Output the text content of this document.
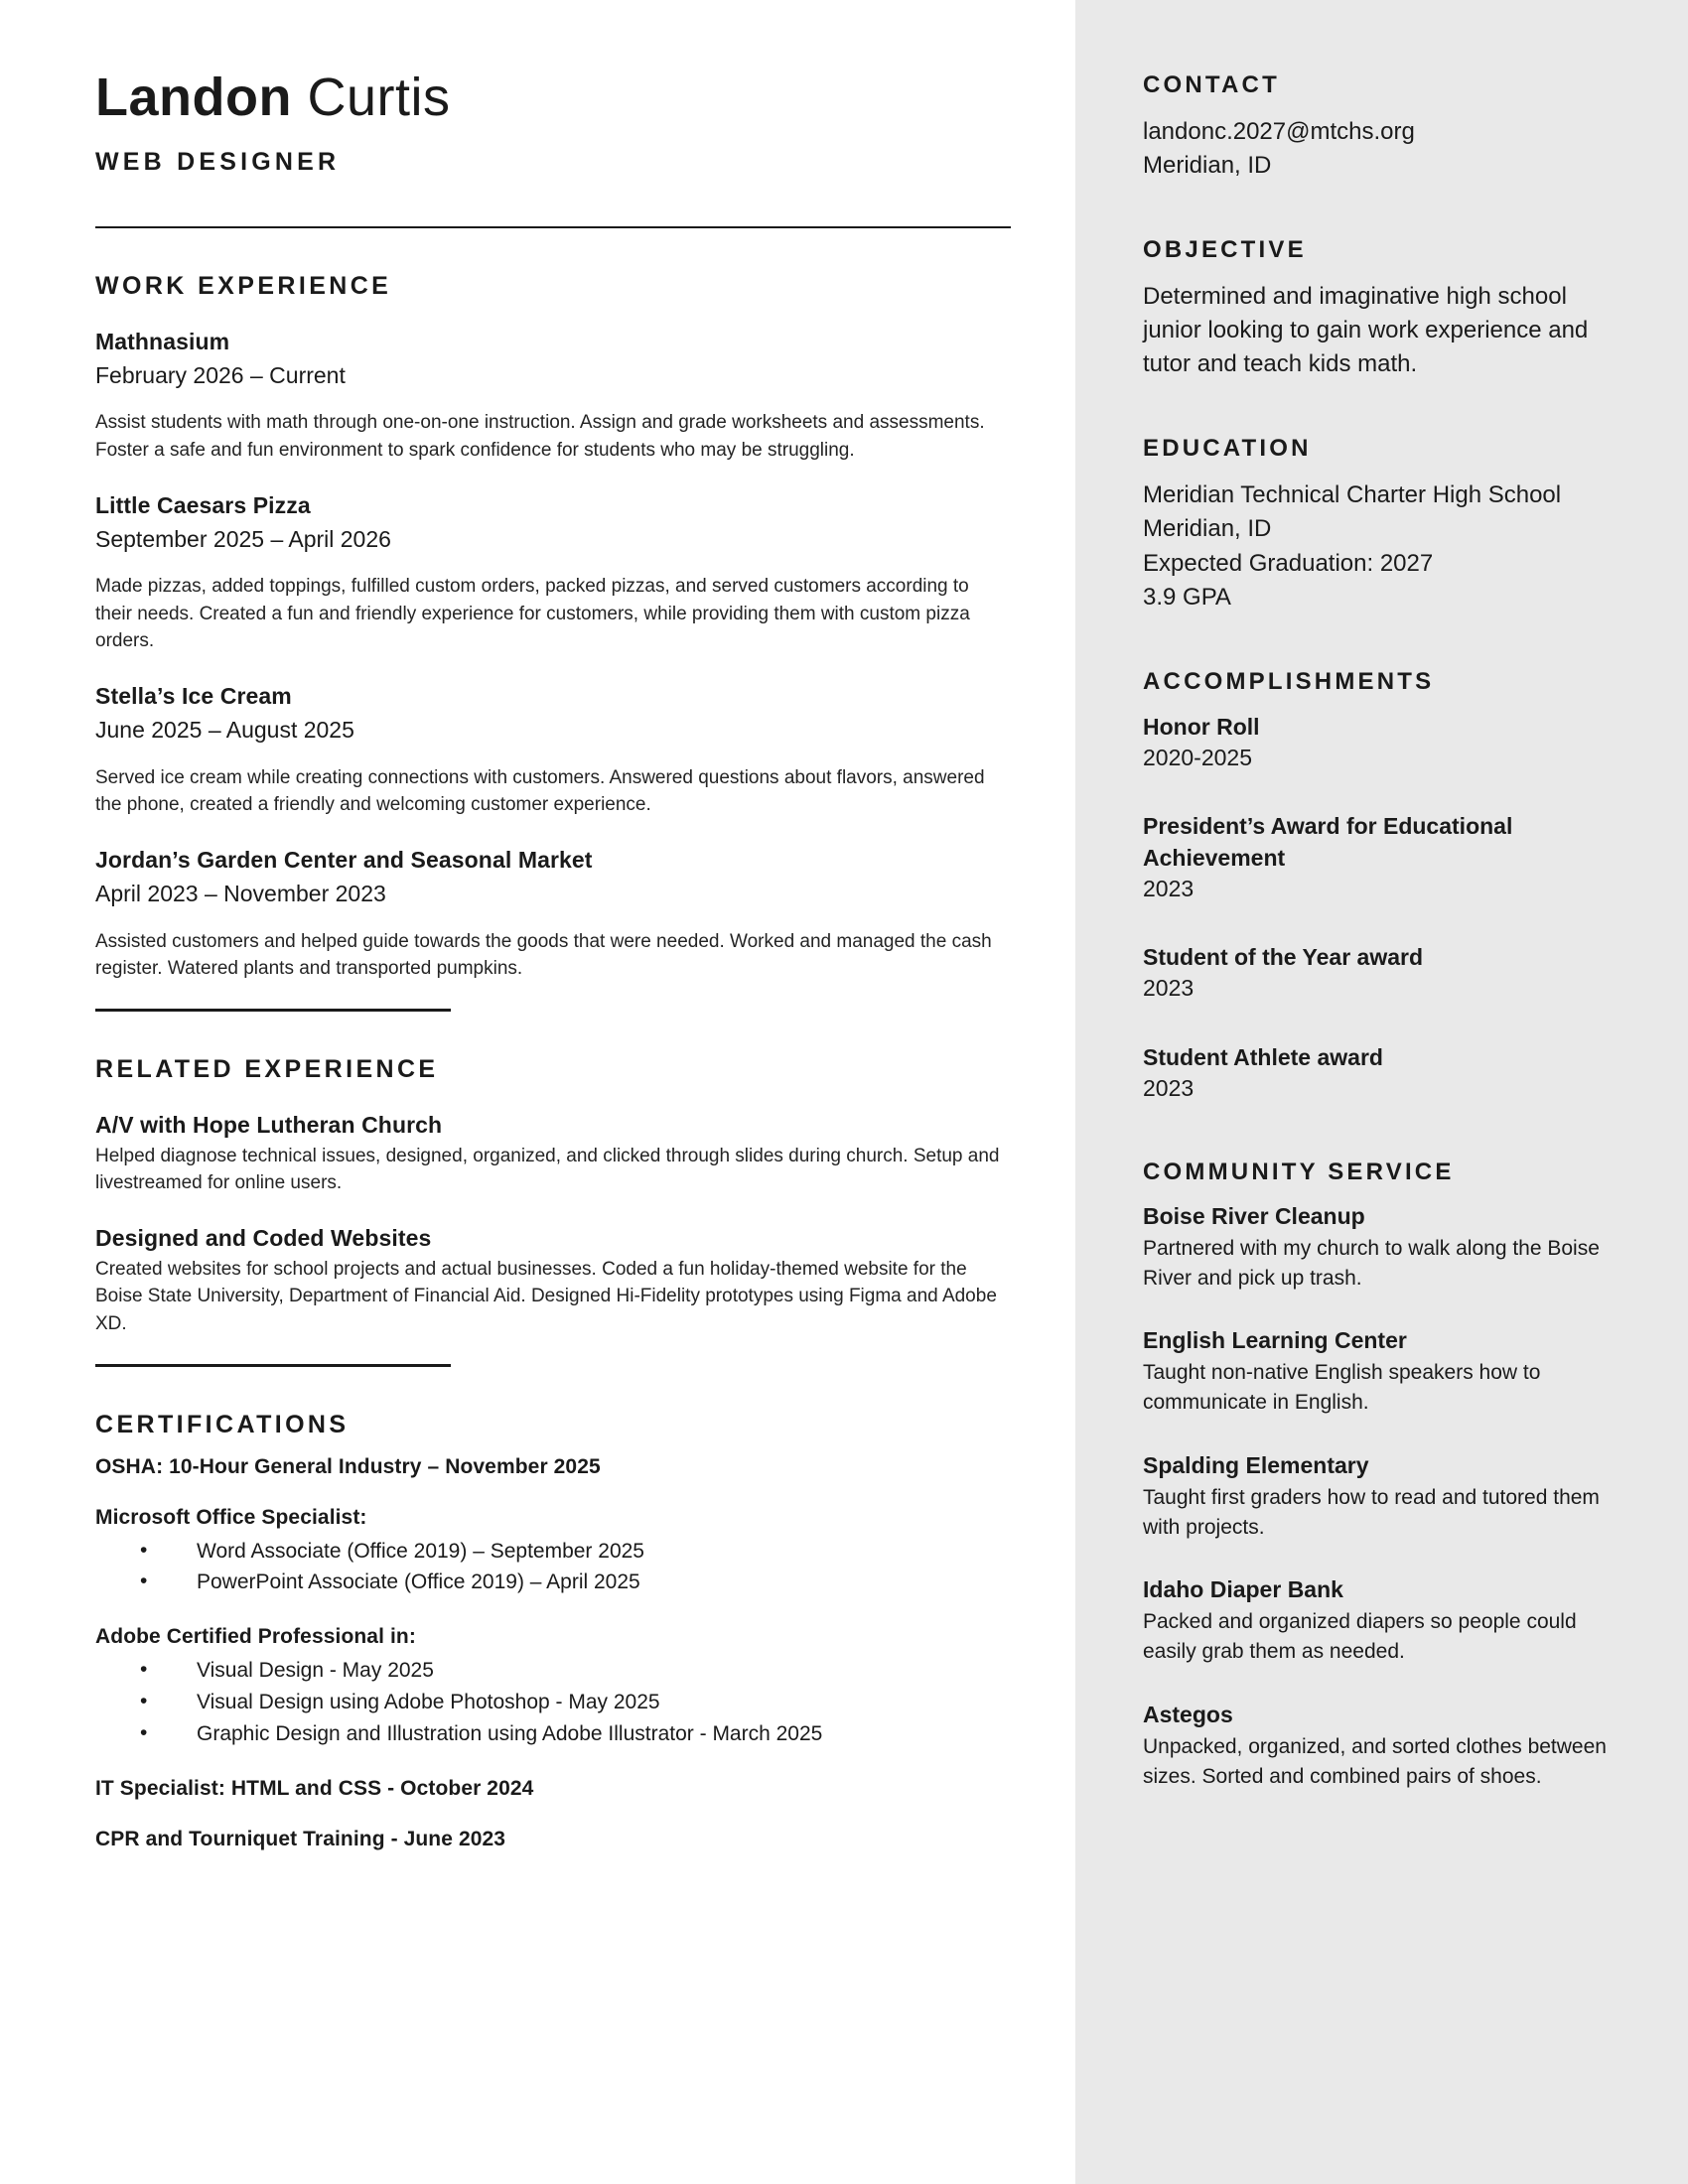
Landon Curtis
WEB DESIGNER
WORK EXPERIENCE
Mathnasium
February 2026 – Current
Assist students with math through one-on-one instruction. Assign and grade worksheets and assessments. Foster a safe and fun environment to spark confidence for students who may be struggling.
Little Caesars Pizza
September 2025 – April 2026
Made pizzas, added toppings, fulfilled custom orders, packed pizzas, and served customers according to their needs. Created a fun and friendly experience for customers, while providing them with custom pizza orders.
Stella’s Ice Cream
June 2025 – August 2025
Served ice cream while creating connections with customers. Answered questions about flavors, answered the phone, created a friendly and welcoming customer experience.
Jordan’s Garden Center and Seasonal Market
April 2023 – November 2023
Assisted customers and helped guide towards the goods that were needed. Worked and managed the cash register. Watered plants and transported pumpkins.
RELATED EXPERIENCE
A/V with Hope Lutheran Church
Helped diagnose technical issues, designed, organized, and clicked through slides during church. Setup and livestreamed for online users.
Designed and Coded Websites
Created websites for school projects and actual businesses. Coded a fun holiday-themed website for the Boise State University, Department of Financial Aid. Designed Hi-Fidelity prototypes using Figma and Adobe XD.
CERTIFICATIONS
OSHA: 10-Hour General Industry – November 2025
Microsoft Office Specialist:
• Word Associate (Office 2019) – September 2025
• PowerPoint Associate (Office 2019) – April 2025
Adobe Certified Professional in:
• Visual Design - May 2025
• Visual Design using Adobe Photoshop - May 2025
• Graphic Design and Illustration using Adobe Illustrator - March 2025
IT Specialist: HTML and CSS - October 2024
CPR and Tourniquet Training - June 2023
CONTACT
landonc.2027@mtchs.org
Meridian, ID
OBJECTIVE
Determined and imaginative high school junior looking to gain work experience and tutor and teach kids math.
EDUCATION
Meridian Technical Charter High School
Meridian, ID
Expected Graduation: 2027
3.9 GPA
ACCOMPLISHMENTS
Honor Roll
2020-2025
President’s Award for Educational Achievement
2023
Student of the Year award
2023
Student Athlete award
2023
COMMUNITY SERVICE
Boise River Cleanup
Partnered with my church to walk along the Boise River and pick up trash.
English Learning Center
Taught non-native English speakers how to communicate in English.
Spalding Elementary
Taught first graders how to read and tutored them with projects.
Idaho Diaper Bank
Packed and organized diapers so people could easily grab them as needed.
Astegos
Unpacked, organized, and sorted clothes between sizes. Sorted and combined pairs of shoes.
